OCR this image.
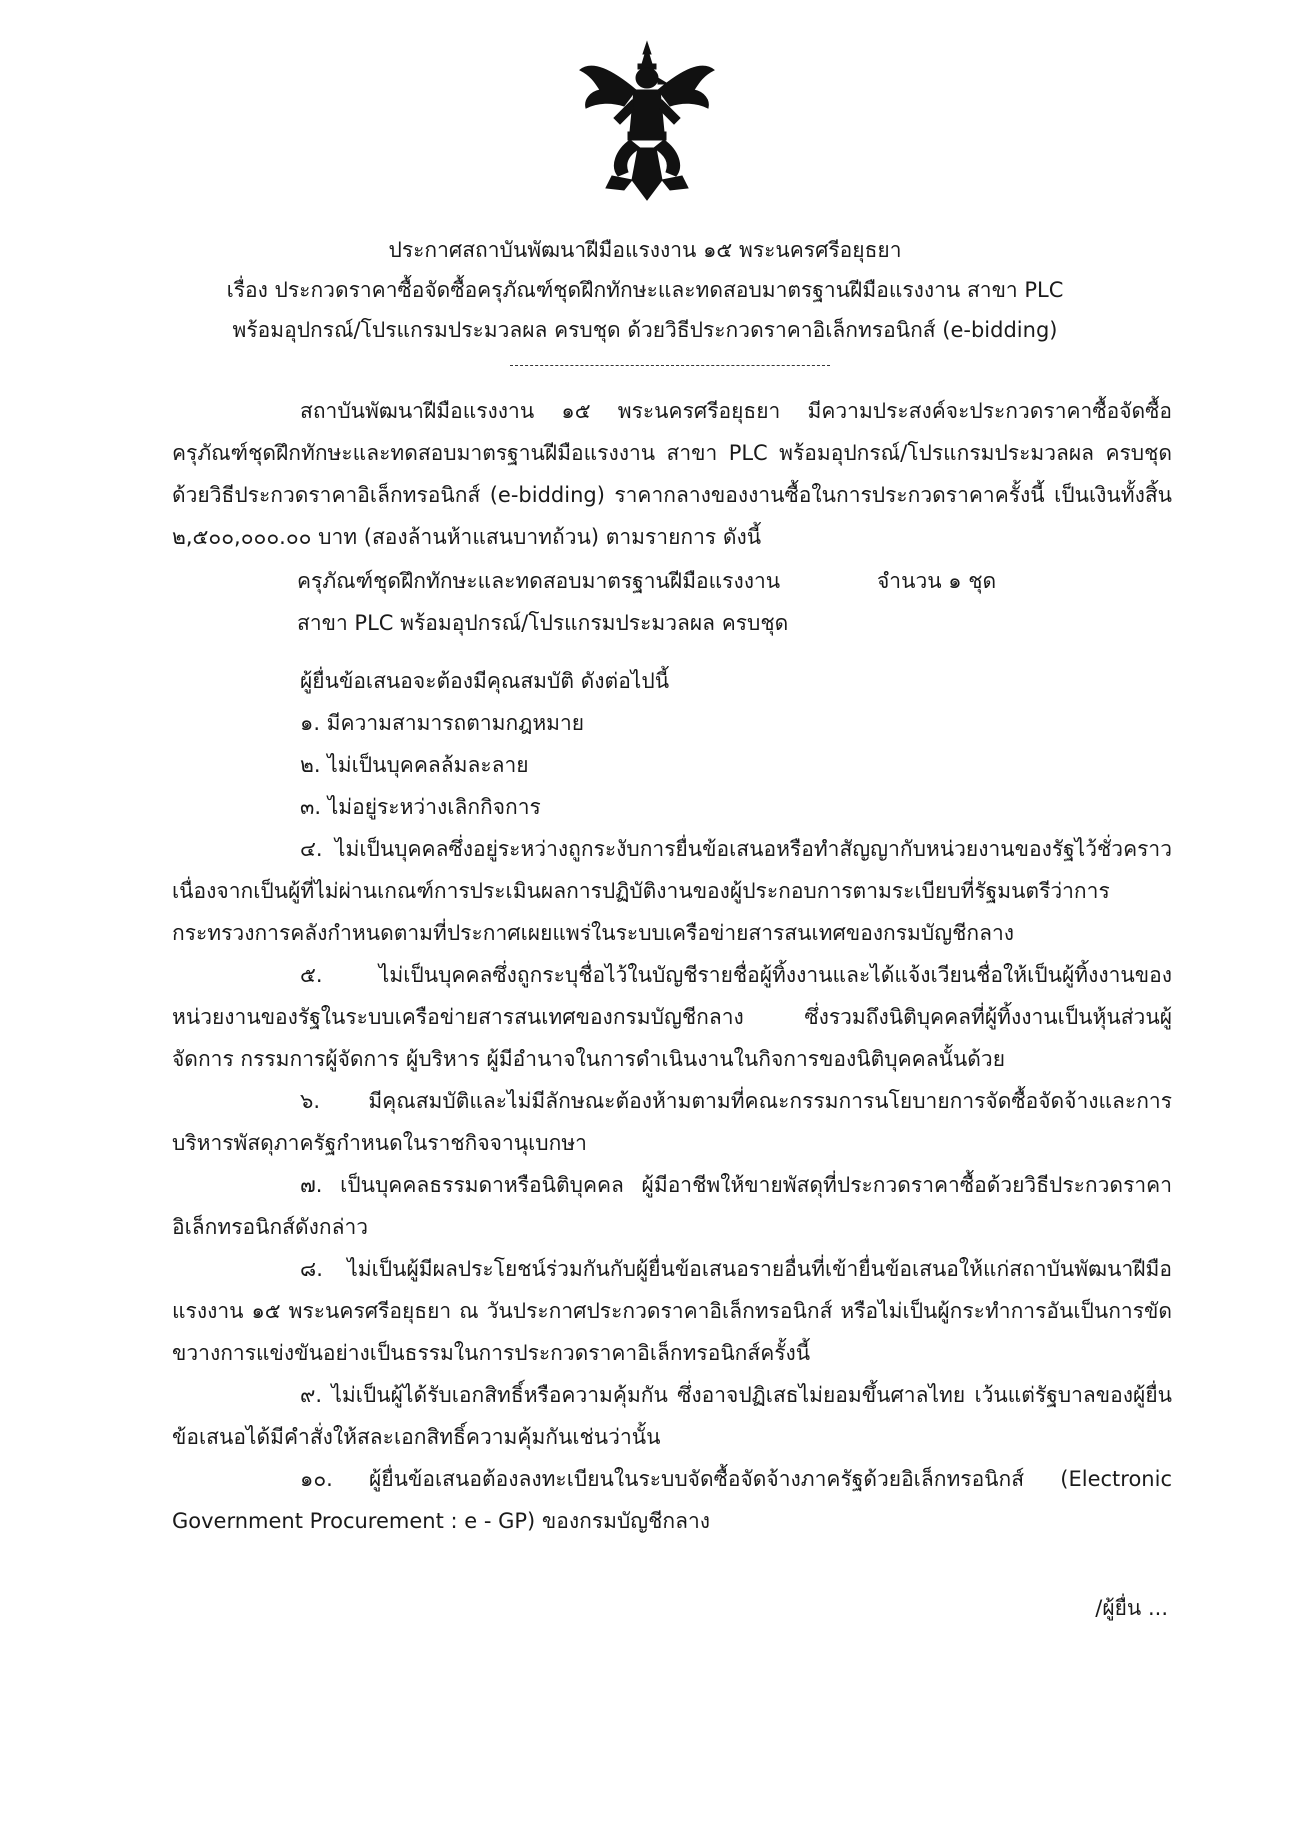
ประกาศสถาบันพัฒนาฝีมือแรงงาน ๑๕ พระนครศรีอยุธยา
เรื่อง ประกวดราคาซื้อจัดซื้อครุภัณฑ์ชุดฝึกทักษะและทดสอบมาตรฐานฝีมือแรงงาน สาขา PLC
พร้อมอุปกรณ์/โปรแกรมประมวลผล ครบชุด ด้วยวิธีประกวดราคาอิเล็กทรอนิกส์ (e-bidding)

สถาบันพัฒนาฝีมือแรงงาน ๑๕ พระนครศรีอยุธยา มีความประสงค์จะประกวดราคาซื้อจัดซื้อครุภัณฑ์ชุดฝึกทักษะและทดสอบมาตรฐานฝีมือแรงงาน สาขา PLC พร้อมอุปกรณ์/โปรแกรมประมวลผล ครบชุด ด้วยวิธีประกวดราคาอิเล็กทรอนิกส์ (e-bidding) ราคากลางของงานซื้อในการประกวดราคาครั้งนี้ เป็นเงินทั้งสิ้น ๒,๕๐๐,๐๐๐.๐๐ บาท (สองล้านห้าแสนบาทถ้วน) ตามรายการ ดังนี้

ครุภัณฑ์ชุดฝึกทักษะและทดสอบมาตรฐานฝีมือแรงงาน
สาขา PLC พร้อมอุปกรณ์/โปรแกรมประมวลผล ครบชุด
จำนวน ๑ ชุด

ผู้ยื่นข้อเสนอจะต้องมีคุณสมบัติ ดังต่อไปนี้

๑. มีความสามารถตามกฎหมาย

๒. ไม่เป็นบุคคลล้มละลาย

๓. ไม่อยู่ระหว่างเลิกกิจการ

๔. ไม่เป็นบุคคลซึ่งอยู่ระหว่างถูกระงับการยื่นข้อเสนอหรือทำสัญญากับหน่วยงานของรัฐไว้ชั่วคราว เนื่องจากเป็นผู้ที่ไม่ผ่านเกณฑ์การประเมินผลการปฏิบัติงานของผู้ประกอบการตามระเบียบที่รัฐมนตรีว่าการกระทรวงการคลังกำหนดตามที่ประกาศเผยแพร่ในระบบเครือข่ายสารสนเทศของกรมบัญชีกลาง

๕. ไม่เป็นบุคคลซึ่งถูกระบุชื่อไว้ในบัญชีรายชื่อผู้ทิ้งงานและได้แจ้งเวียนชื่อให้เป็นผู้ทิ้งงานของหน่วยงานของรัฐในระบบเครือข่ายสารสนเทศของกรมบัญชีกลาง ซึ่งรวมถึงนิติบุคคลที่ผู้ทิ้งงานเป็นหุ้นส่วนผู้จัดการ กรรมการผู้จัดการ ผู้บริหาร ผู้มีอำนาจในการดำเนินงานในกิจการของนิติบุคคลนั้นด้วย

๖. มีคุณสมบัติและไม่มีลักษณะต้องห้ามตามที่คณะกรรมการนโยบายการจัดซื้อจัดจ้างและการบริหารพัสดุภาครัฐกำหนดในราชกิจจานุเบกษา

๗. เป็นบุคคลธรรมดาหรือนิติบุคคล ผู้มีอาชีพให้ขายพัสดุที่ประกวดราคาซื้อด้วยวิธีประกวดราคาอิเล็กทรอนิกส์ดังกล่าว

๘. ไม่เป็นผู้มีผลประโยชน์ร่วมกันกับผู้ยื่นข้อเสนอรายอื่นที่เข้ายื่นข้อเสนอให้แก่สถาบันพัฒนาฝีมือแรงงาน ๑๕ พระนครศรีอยุธยา ณ วันประกาศประกวดราคาอิเล็กทรอนิกส์ หรือไม่เป็นผู้กระทำการอันเป็นการขัดขวางการแข่งขันอย่างเป็นธรรมในการประกวดราคาอิเล็กทรอนิกส์ครั้งนี้

๙. ไม่เป็นผู้ได้รับเอกสิทธิ์หรือความคุ้มกัน ซึ่งอาจปฏิเสธไม่ยอมขึ้นศาลไทย เว้นแต่รัฐบาลของผู้ยื่นข้อเสนอได้มีคำสั่งให้สละเอกสิทธิ์ความคุ้มกันเช่นว่านั้น

๑๐. ผู้ยื่นข้อเสนอต้องลงทะเบียนในระบบจัดซื้อจัดจ้างภาครัฐด้วยอิเล็กทรอนิกส์ (Electronic Government Procurement : e - GP) ของกรมบัญชีกลาง

/ผู้ยื่น ...
